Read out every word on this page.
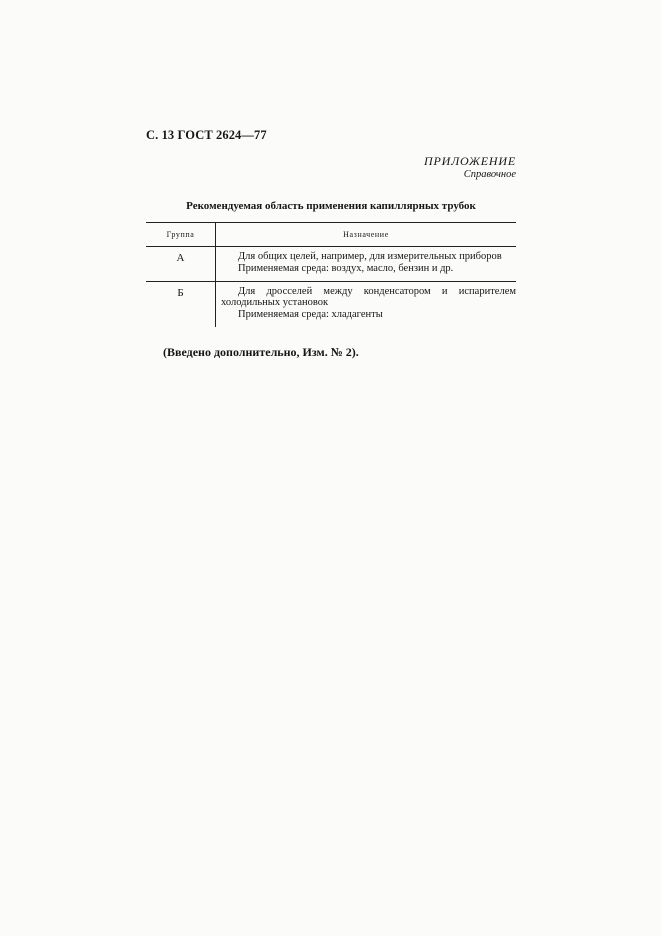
С. 13 ГОСТ 2624—77
ПРИЛОЖЕНИЕ
Справочное
Рекомендуемая область применения капиллярных трубок
Группа	Назначение
А	Для общих целей, например, для измерительных приборов
Применяемая среда: воздух, масло, бензин и др.

Б	Для дросселей между конденсатором и испарителем холодильных установок
Применяемая среда: хладагенты
(Введено дополнительно, Изм. № 2).
